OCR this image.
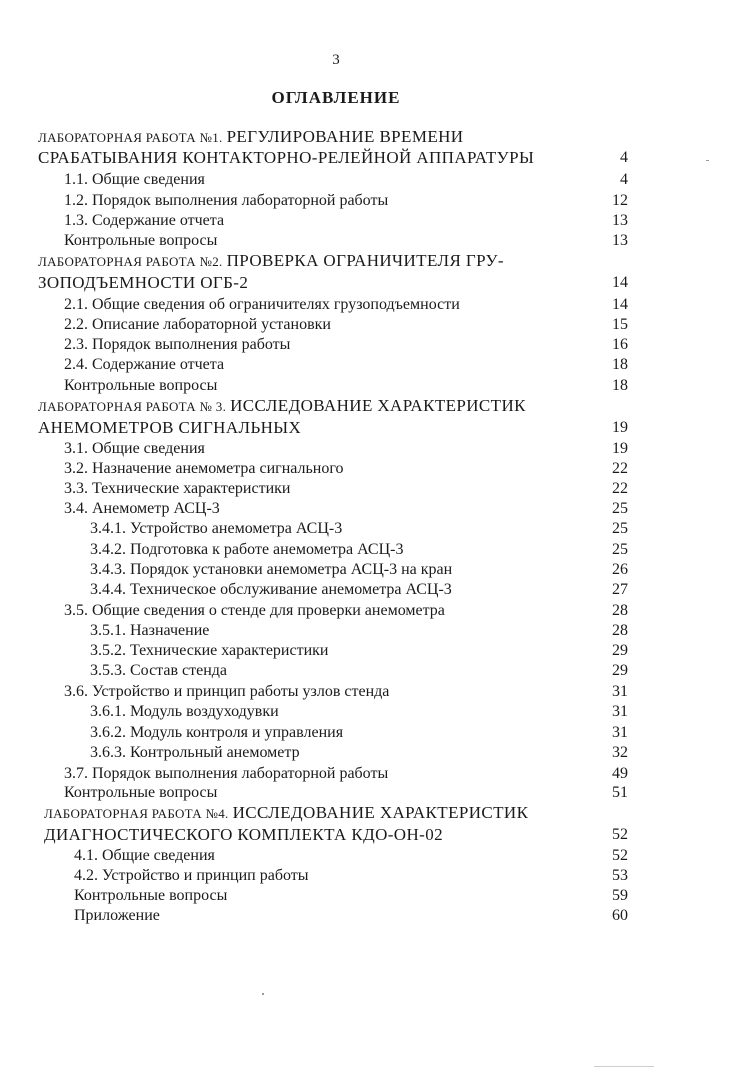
3
ОГЛАВЛЕНИЕ
ЛАБОРАТОРНАЯ РАБОТА №1. РЕГУЛИРОВАНИЕ ВРЕМЕНИ
СРАБАТЫВАНИЯ КОНТАКТОРНО-РЕЛЕЙНОЙ АППАРАТУРЫ	4
1.1. Общие сведения	4
1.2. Порядок выполнения лабораторной работы	12
1.3. Содержание отчета	13
Контрольные вопросы	13
ЛАБОРАТОРНАЯ РАБОТА №2. ПРОВЕРКА ОГРАНИЧИТЕЛЯ ГРУ-
ЗОПОДЪЕМНОСТИ ОГБ-2	14
2.1. Общие сведения об ограничителях грузоподъемности	14
2.2. Описание лабораторной установки	15
2.3. Порядок выполнения работы	16
2.4. Содержание отчета	18
Контрольные вопросы	18
ЛАБОРАТОРНАЯ РАБОТА № 3. ИССЛЕДОВАНИЕ ХАРАКТЕРИСТИК
АНЕМОМЕТРОВ СИГНАЛЬНЫХ	19
3.1. Общие сведения	19
3.2. Назначение анемометра сигнального	22
3.3. Технические характеристики	22
3.4. Анемометр АСЦ-3	25
3.4.1. Устройство анемометра АСЦ-3	25
3.4.2. Подготовка к работе анемометра АСЦ-3	25
3.4.3. Порядок установки анемометра АСЦ-3 на кран	26
3.4.4. Техническое обслуживание анемометра АСЦ-3	27
3.5. Общие сведения о стенде для проверки анемометра	28
3.5.1. Назначение	28
3.5.2. Технические характеристики	29
3.5.3. Состав стенда	29
3.6. Устройство и принцип работы узлов стенда	31
3.6.1. Модуль воздуходувки	31
3.6.2. Модуль контроля и управления	31
3.6.3. Контрольный анемометр	32
3.7. Порядок выполнения лабораторной работы	49
Контрольные вопросы	51
ЛАБОРАТОРНАЯ РАБОТА №4. ИССЛЕДОВАНИЕ ХАРАКТЕРИСТИК
ДИАГНОСТИЧЕСКОГО КОМПЛЕКТА КДО-ОН-02	52
4.1. Общие сведения	52
4.2. Устройство и принцип работы	53
Контрольные вопросы	59
Приложение	60
